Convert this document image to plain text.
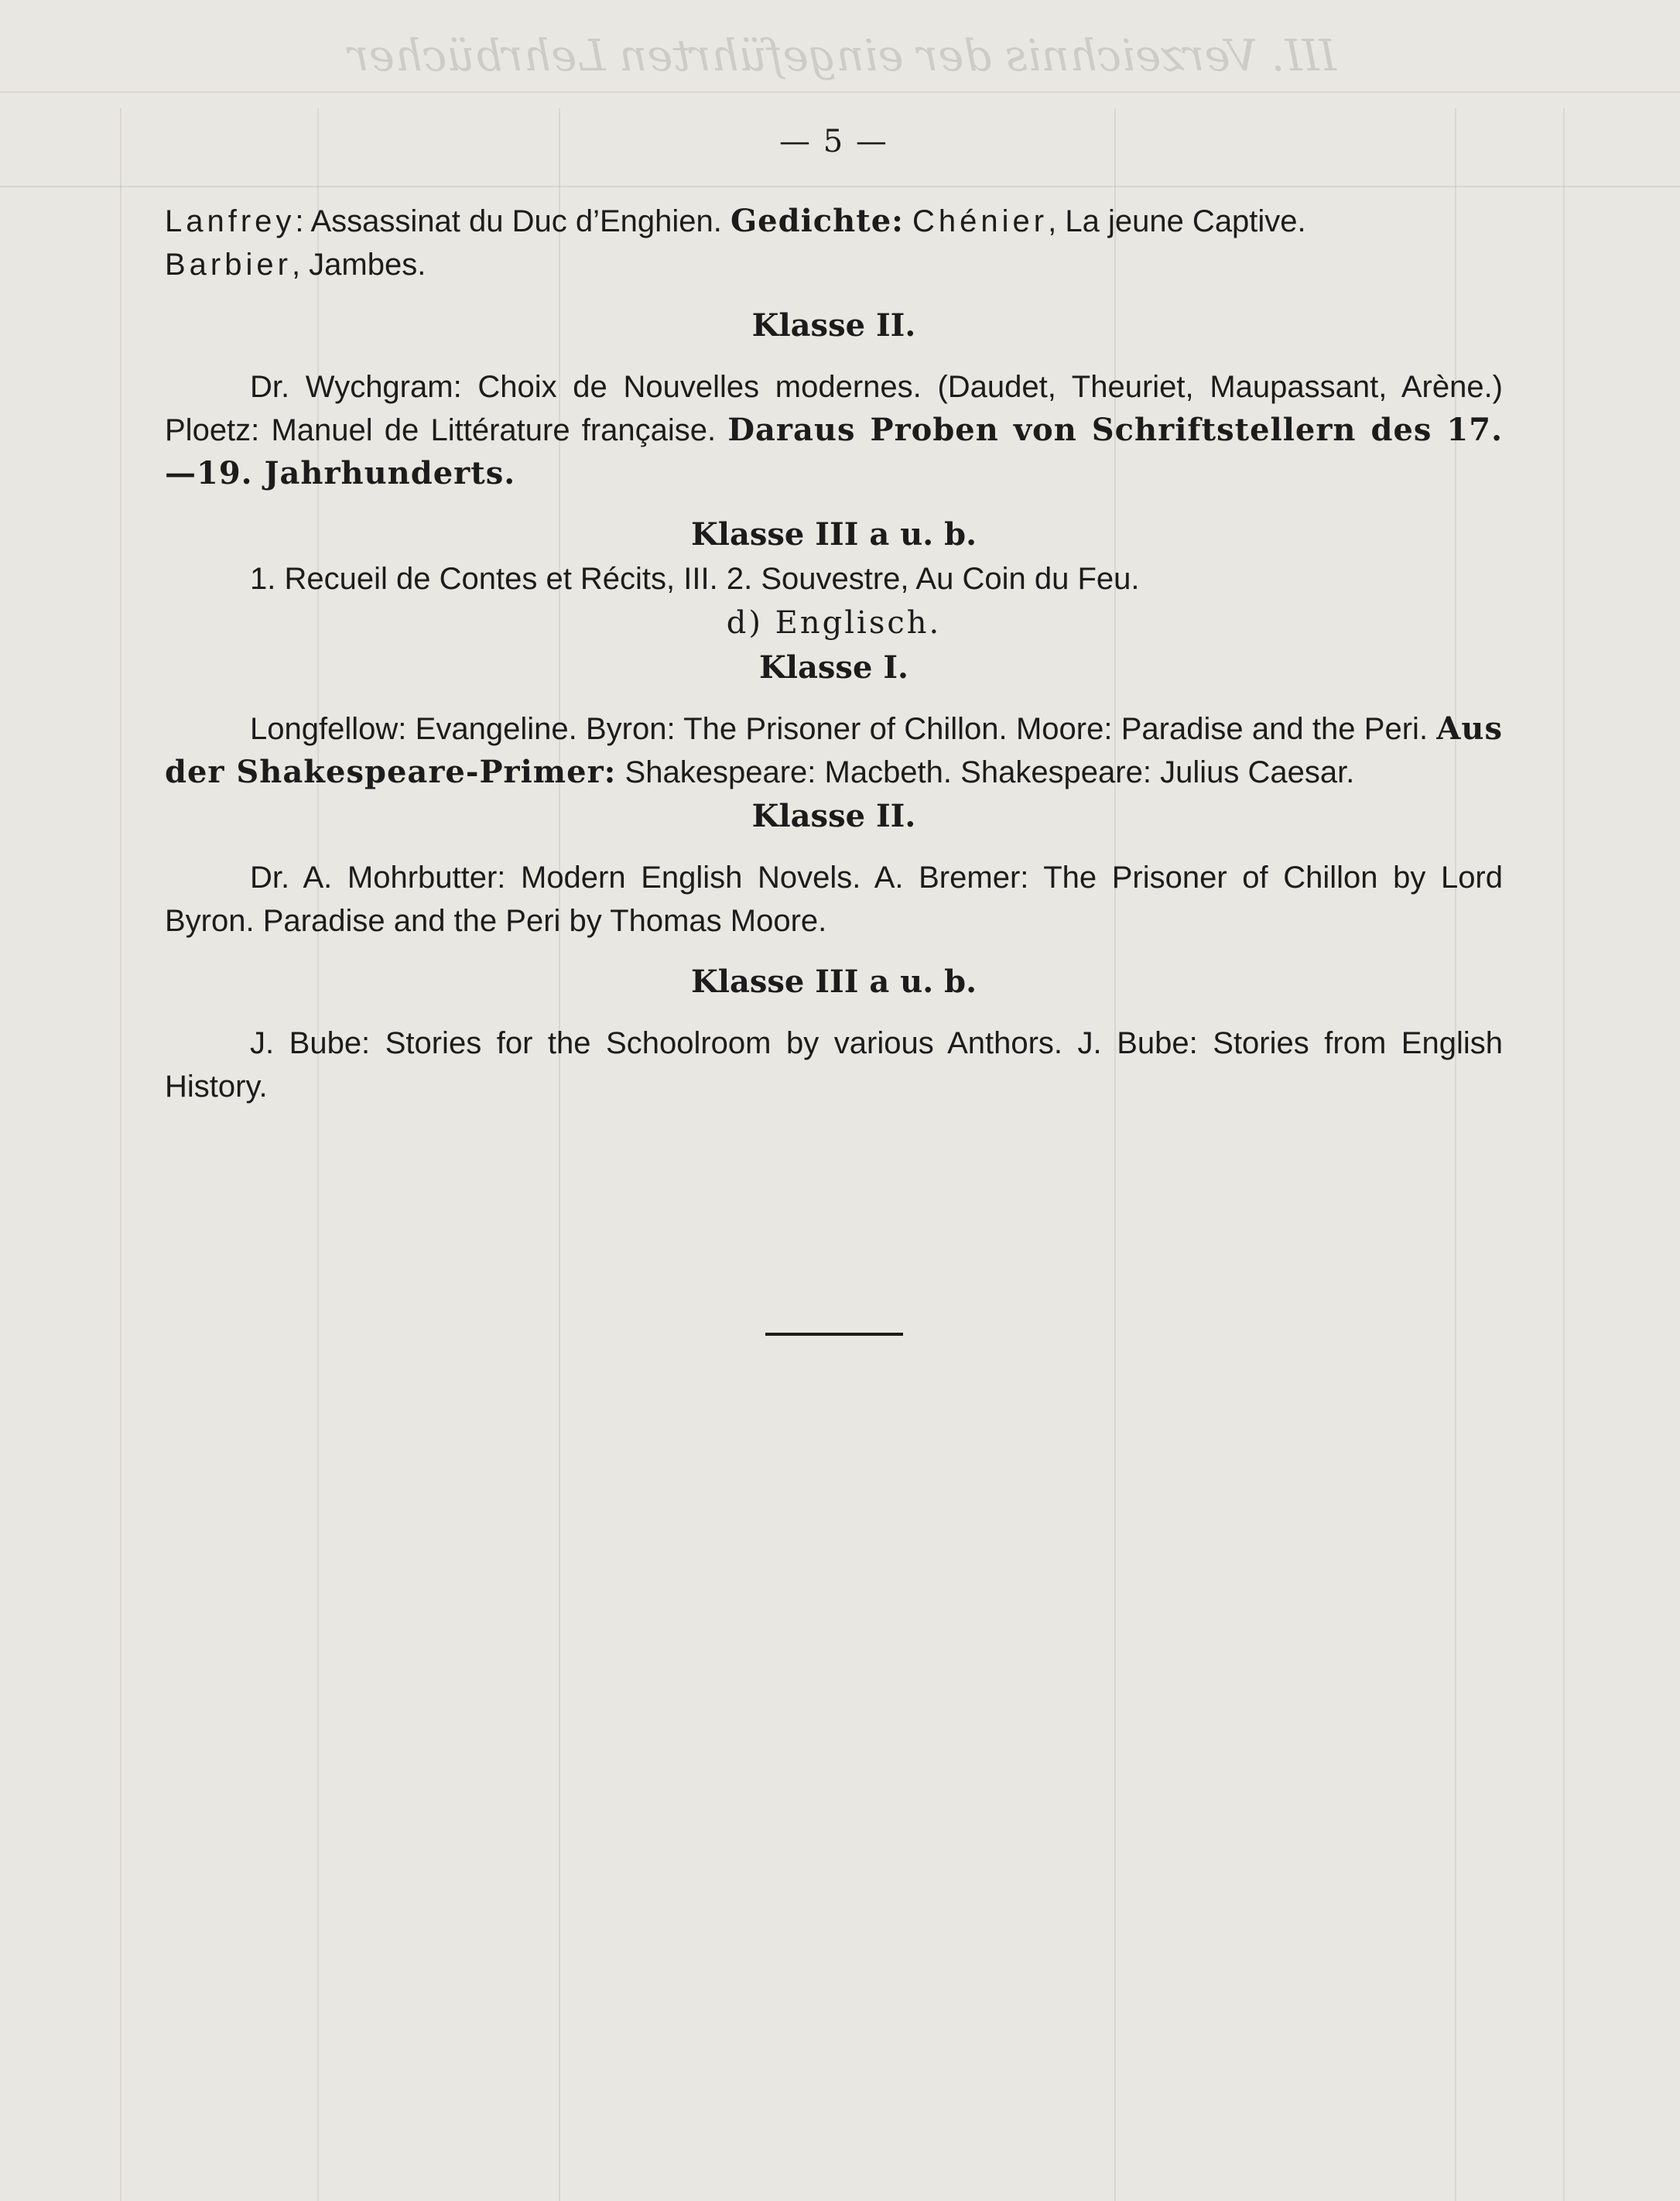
III. Verzeichnis der eingeführten Lehrbücher
— 5 —

Lanfrey: Assassinat du Duc d’Enghien. Gedichte: Chénier, La jeune Captive.
Barbier, Jambes.

Klasse II.

Dr. Wychgram: Choix de Nouvelles modernes. (Daudet, Theuriet, Maupassant, Arène.) Ploetz: Manuel de Littérature française. Daraus Proben von Schriftstellern des 17.—19. Jahrhunderts.

Klasse III a u. b.

1. Recueil de Contes et Récits, III. 2. Souvestre, Au Coin du Feu.

d) Englisch.

Klasse I.

Longfellow: Evangeline. Byron: The Prisoner of Chillon. Moore: Paradise and the Peri. Aus der Shakespeare-Primer: Shakespeare: Macbeth. Shakespeare: Julius Caesar.

Klasse II.

Dr. A. Mohrbutter: Modern English Novels. A. Bremer: The Prisoner of Chillon by Lord Byron. Paradise and the Peri by Thomas Moore.

Klasse III a u. b.

J. Bube: Stories for the Schoolroom by various Anthors. J. Bube: Stories from English History.
